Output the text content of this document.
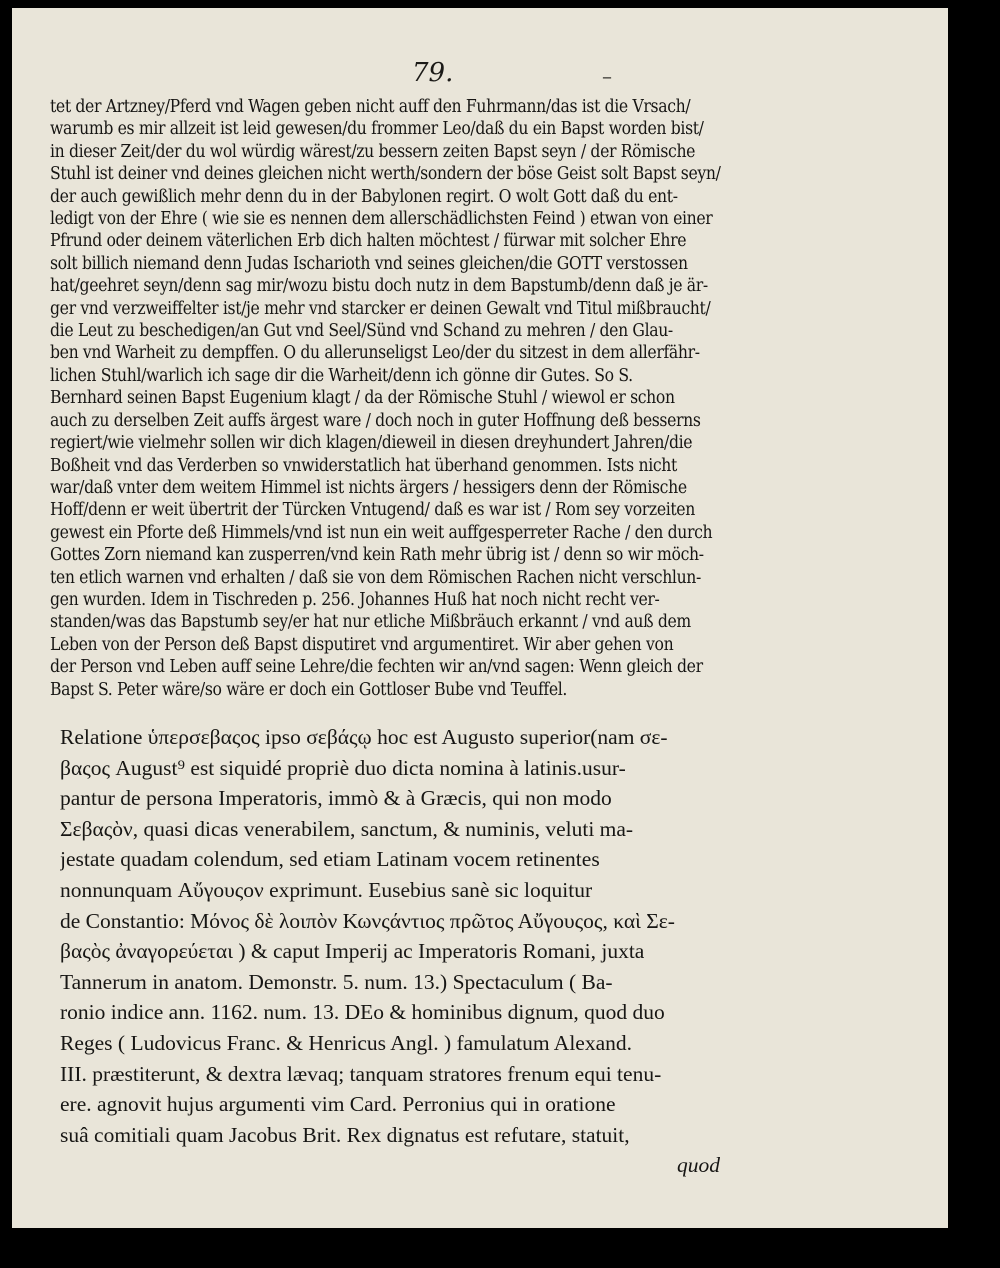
79.	–
tet der Artzney/Pferd vnd Wagen geben nicht auff den Fuhrmann/das ist die Vrsach/
warumb es mir allzeit ist leid gewesen/du frommer Leo/daß du ein Bapst worden bist/
in dieser Zeit/der du wol würdig wärest/zu bessern zeiten Bapst seyn / der Römische
Stuhl ist deiner vnd deines gleichen nicht werth/sondern der böse Geist solt Bapst seyn/
der auch gewißlich mehr denn du in der Babylonen regirt. O wolt Gott daß du ent-
ledigt von der Ehre ( wie sie es nennen dem allerschädlichsten Feind ) etwan von einer
Pfrund oder deinem väterlichen Erb dich halten möchtest / fürwar mit solcher Ehre
solt billich niemand denn Judas Ischarioth vnd seines gleichen/die GOTT verstossen
hat/geehret seyn/denn sag mir/wozu bistu doch nutz in dem Bapstumb/denn daß je är-
ger vnd verzweiffelter ist/je mehr vnd starcker er deinen Gewalt vnd Titul mißbraucht/
die Leut zu beschedigen/an Gut vnd Seel/Sünd vnd Schand zu mehren / den Glau-
ben vnd Warheit zu dempffen. O du allerunseligst Leo/der du sitzest in dem allerfähr-
lichen Stuhl/warlich ich sage dir die Warheit/denn ich gönne dir Gutes. So S.
Bernhard seinen Bapst Eugenium klagt / da der Römische Stuhl / wiewol er schon
auch zu derselben Zeit auffs ärgest ware / doch noch in guter Hoffnung deß besserns
regiert/wie vielmehr sollen wir dich klagen/dieweil in diesen dreyhundert Jahren/die
Boßheit vnd das Verderben so vnwiderstatlich hat überhand genommen. Ists nicht
war/daß vnter dem weitem Himmel ist nichts ärgers / hessigers denn der Römische
Hoff/denn er weit übertrit der Türcken Vntugend/ daß es war ist / Rom sey vorzeiten
gewest ein Pforte deß Himmels/vnd ist nun ein weit auffgesperreter Rache / den durch
Gottes Zorn niemand kan zusperren/vnd kein Rath mehr übrig ist / denn so wir möch-
ten etlich warnen vnd erhalten / daß sie von dem Römischen Rachen nicht verschlun-
gen wurden. Idem in Tischreden p. 256. Johannes Huß hat noch nicht recht ver-
standen/was das Bapstumb sey/er hat nur etliche Mißbräuch erkannt / vnd auß dem
Leben von der Person deß Bapst disputiret vnd argumentiret. Wir aber gehen von
der Person vnd Leben auff seine Lehre/die fechten wir an/vnd sagen: Wenn gleich der
Bapst S. Peter wäre/so wäre er doch ein Gottloser Bube vnd Teuffel.
Relatione ὑπερσεβαςος ipso σεβάςῳ hoc est Augusto superior(nam σε-
βαςος August⁹ est siquidé propriè duo dicta nomina à latinis.usur-
pantur de persona Imperatoris, immò & à Græcis, qui non modo
Σεβαςὸν, quasi dicas venerabilem, sanctum, & numinis, veluti ma-
jestate quadam colendum, sed etiam Latinam vocem retinentes
nonnunquam Αὔγουςον exprimunt. Eusebius sanè sic loquitur
de Constantio: Μόνος δὲ λοιπὸν Κωνςάντιος πρῶτος Αὔγουςος, καὶ Σε-
βαςὸς ἀναγορεύεται ) & caput Imperij ac Imperatoris Romani, juxta
Tannerum in anatom. Demonstr. 5. num. 13.) Spectaculum ( Ba-
ronio indice ann. 1162. num. 13. DEo & hominibus dignum, quod duo
Reges ( Ludovicus Franc. & Henricus Angl. ) famulatum Alexand.
III. præstiterunt, & dextra lævaq; tanquam stratores frenum equi tenu-
ere. agnovit hujus argumenti vim Card. Perronius qui in oratione
suâ comitiali quam Jacobus Brit. Rex dignatus est refutare, statuit,
quod
